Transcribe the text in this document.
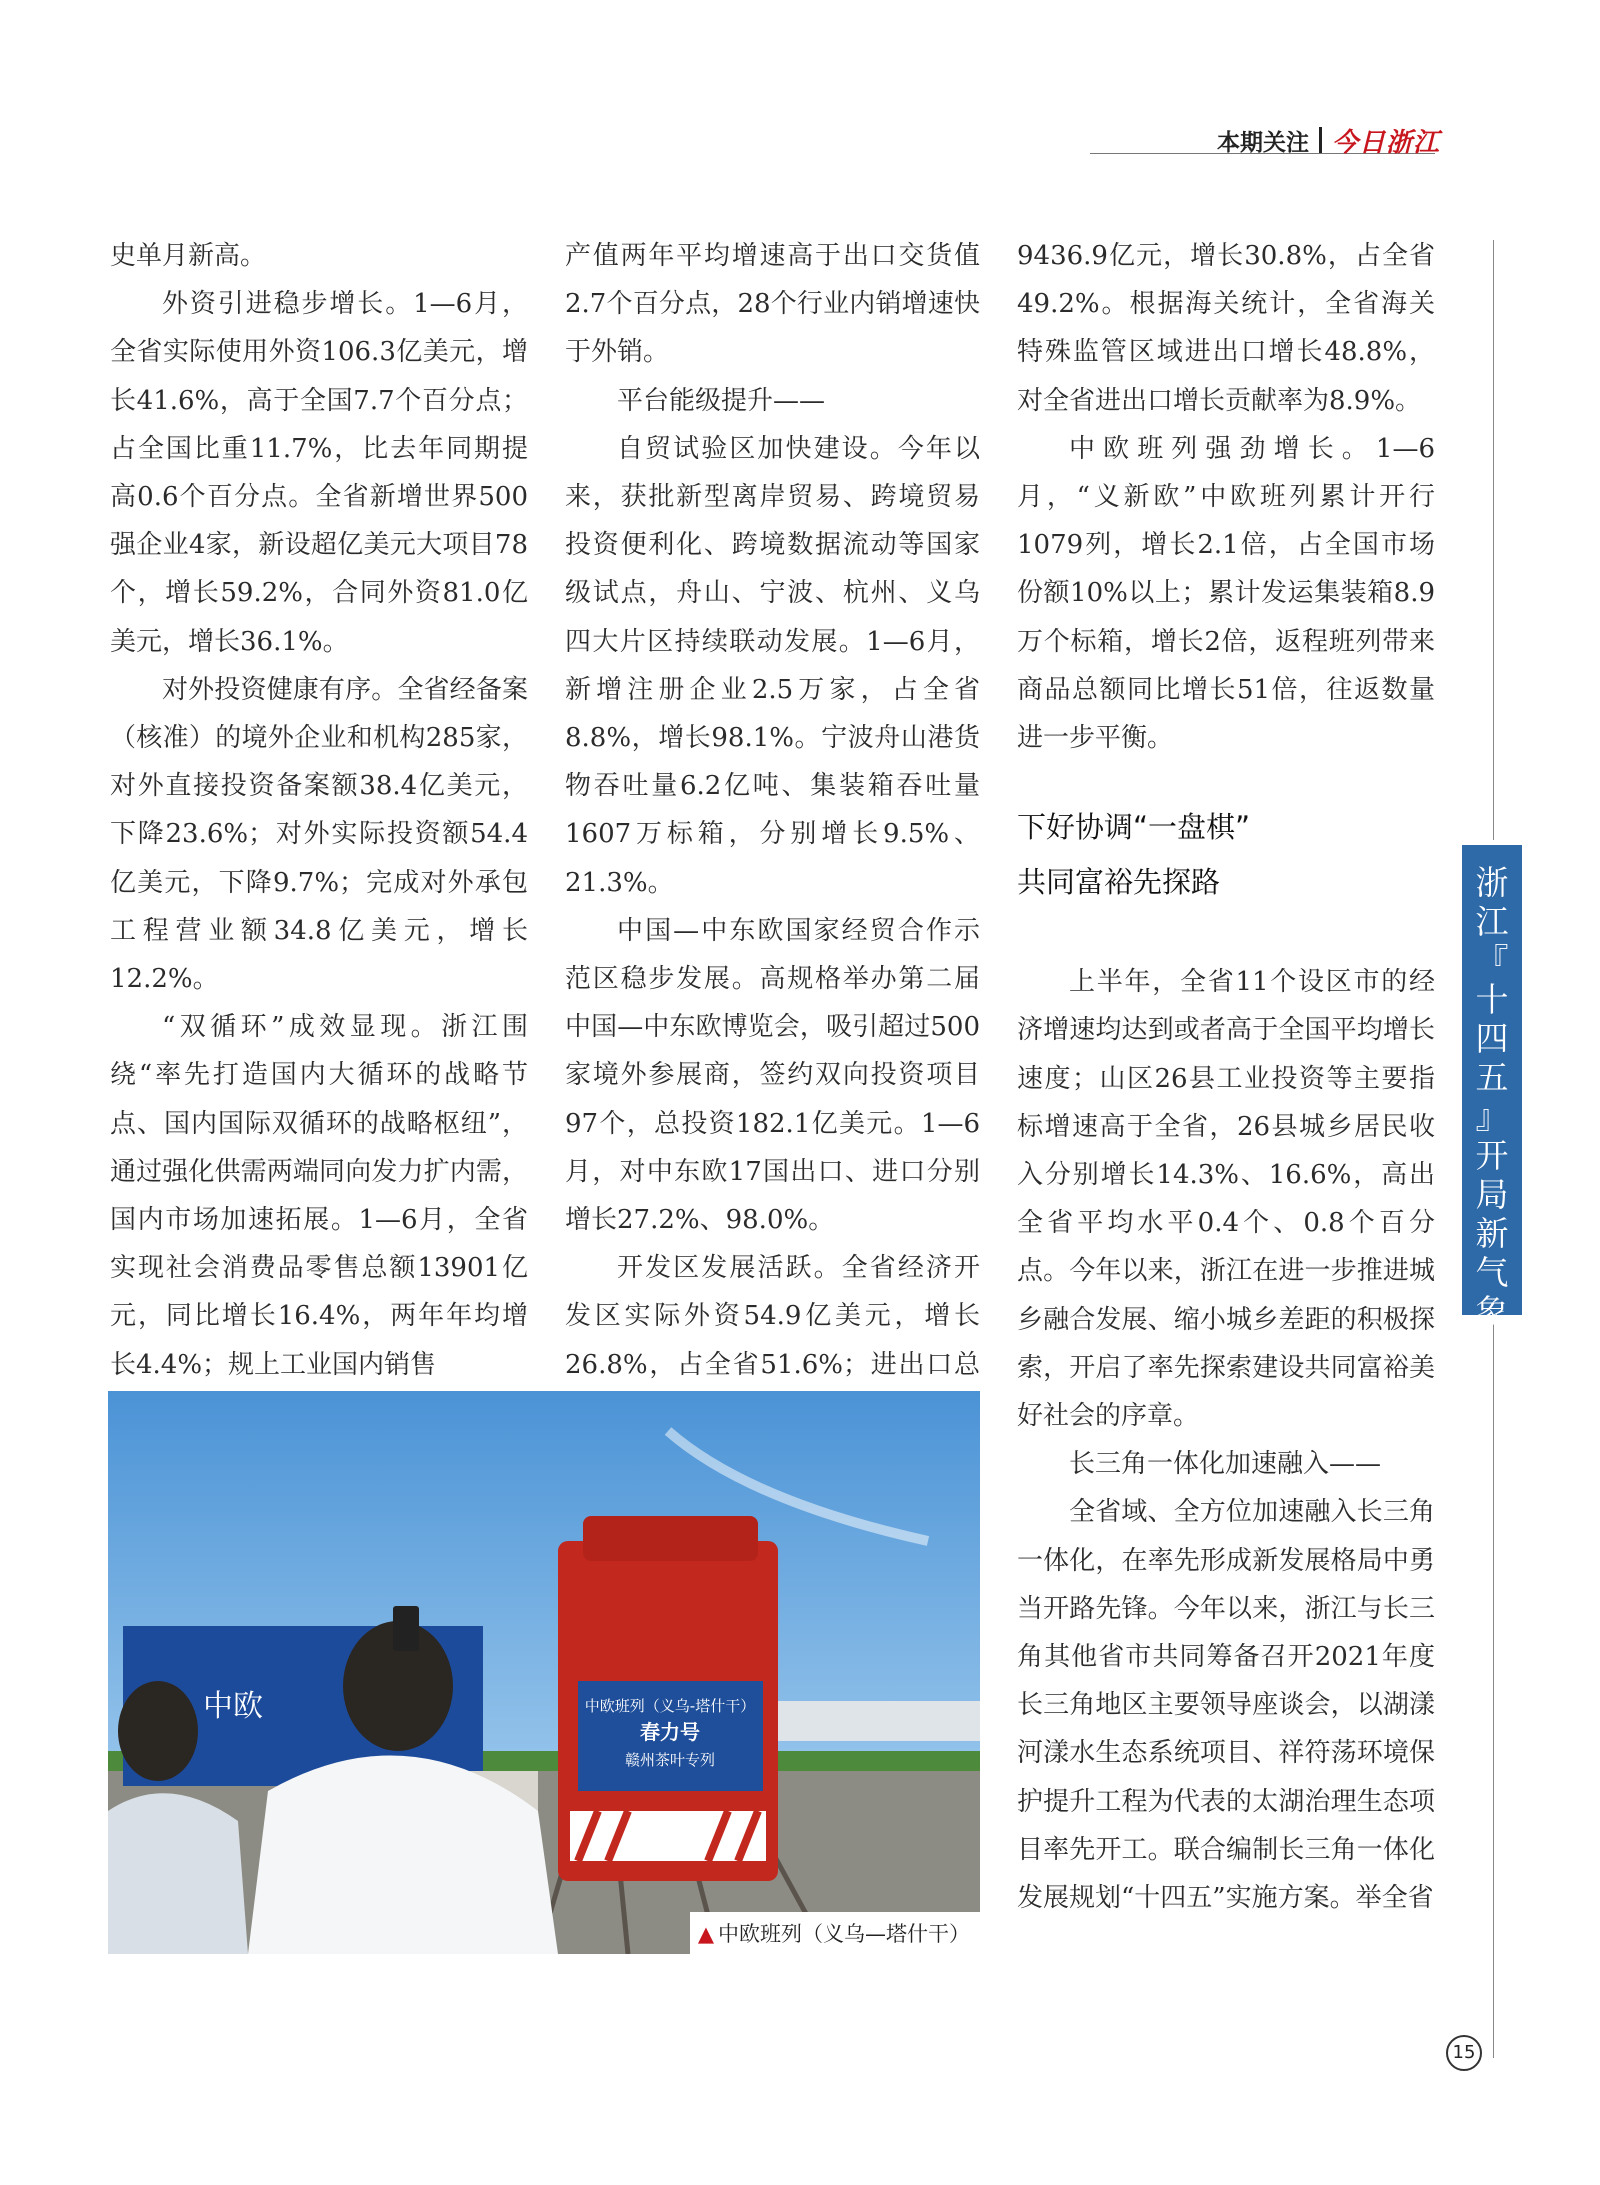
本期关注 今日浙江

史单月新高。

外资引进稳步增长。1—6月，全省实际使用外资106.3亿美元，增长41.6%，高于全国7.7个百分点；占全国比重11.7%，比去年同期提高0.6个百分点。全省新增世界500强企业4家，新设超亿美元大项目78个，增长59.2%，合同外资81.0亿美元，增长36.1%。

对外投资健康有序。全省经备案（核准）的境外企业和机构285家，对外直接投资备案额38.4亿美元，下降23.6%；对外实际投资额54.4亿美元，下降9.7%；完成对外承包工程营业额34.8亿美元，增长12.2%。

“双循环”成效显现。浙江围绕“率先打造国内大循环的战略节点、国内国际双循环的战略枢纽”，通过强化供需两端同向发力扩内需，国内市场加速拓展。1—6月，全省实现社会消费品零售总额13901亿元，同比增长16.4%，两年年均增长4.4%；规上工业国内销售

产值两年平均增速高于出口交货值2.7个百分点，28个行业内销增速快于外销。

平台能级提升——

自贸试验区加快建设。今年以来，获批新型离岸贸易、跨境贸易投资便利化、跨境数据流动等国家级试点，舟山、宁波、杭州、义乌四大片区持续联动发展。1—6月，新增注册企业2.5万家，占全省8.8%，增长98.1%。宁波舟山港货物吞吐量6.2亿吨、集装箱吞吐量1607万标箱，分别增长9.5%、21.3%。

中国—中东欧国家经贸合作示范区稳步发展。高规格举办第二届中国—中东欧博览会，吸引超过500家境外参展商，签约双向投资项目97个，总投资182.1亿美元。1—6月，对中东欧17国出口、进口分别增长27.2%、98.0%。

开发区发展活跃。全省经济开发区实际外资54.9亿美元，增长26.8%，占全省51.6%；进出口总

9436.9亿元，增长30.8%，占全省49.2%。根据海关统计，全省海关特殊监管区域进出口增长48.8%，对全省进出口增长贡献率为8.9%。

中欧班列强劲增长。1—6月，“义新欧”中欧班列累计开行1079列，增长2.1倍，占全国市场份额10%以上；累计发运集装箱8.9万个标箱，增长2倍，返程班列带来商品总额同比增长51倍，往返数量进一步平衡。

下好协调“一盘棋”
共同富裕先探路

上半年，全省11个设区市的经济增速均达到或者高于全国平均增长速度；山区26县工业投资等主要指标增速高于全省，26县城乡居民收入分别增长14.3%、16.6%，高出全省平均水平0.4个、0.8个百分点。今年以来，浙江在进一步推进城乡融合发展、缩小城乡差距的积极探索，开启了率先探索建设共同富裕美好社会的序章。

长三角一体化加速融入——

全省域、全方位加速融入长三角一体化，在率先形成新发展格局中勇当开路先锋。今年以来，浙江与长三角其他省市共同筹备召开2021年度长三角地区主要领导座谈会，以湖漾河漾水生态系统项目、祥符荡环境保护提升工程为代表的太湖治理生态项目率先开工。联合编制长三角一体化发展规划“十四五”实施方案。举全省

浙
江
『
十
四
五
』
开
局
新
气
象
中欧	中欧班列（义乌-塔什干）
春力号
赣州茶叶专列
▲ 中欧班列（义乌—塔什干）
15
